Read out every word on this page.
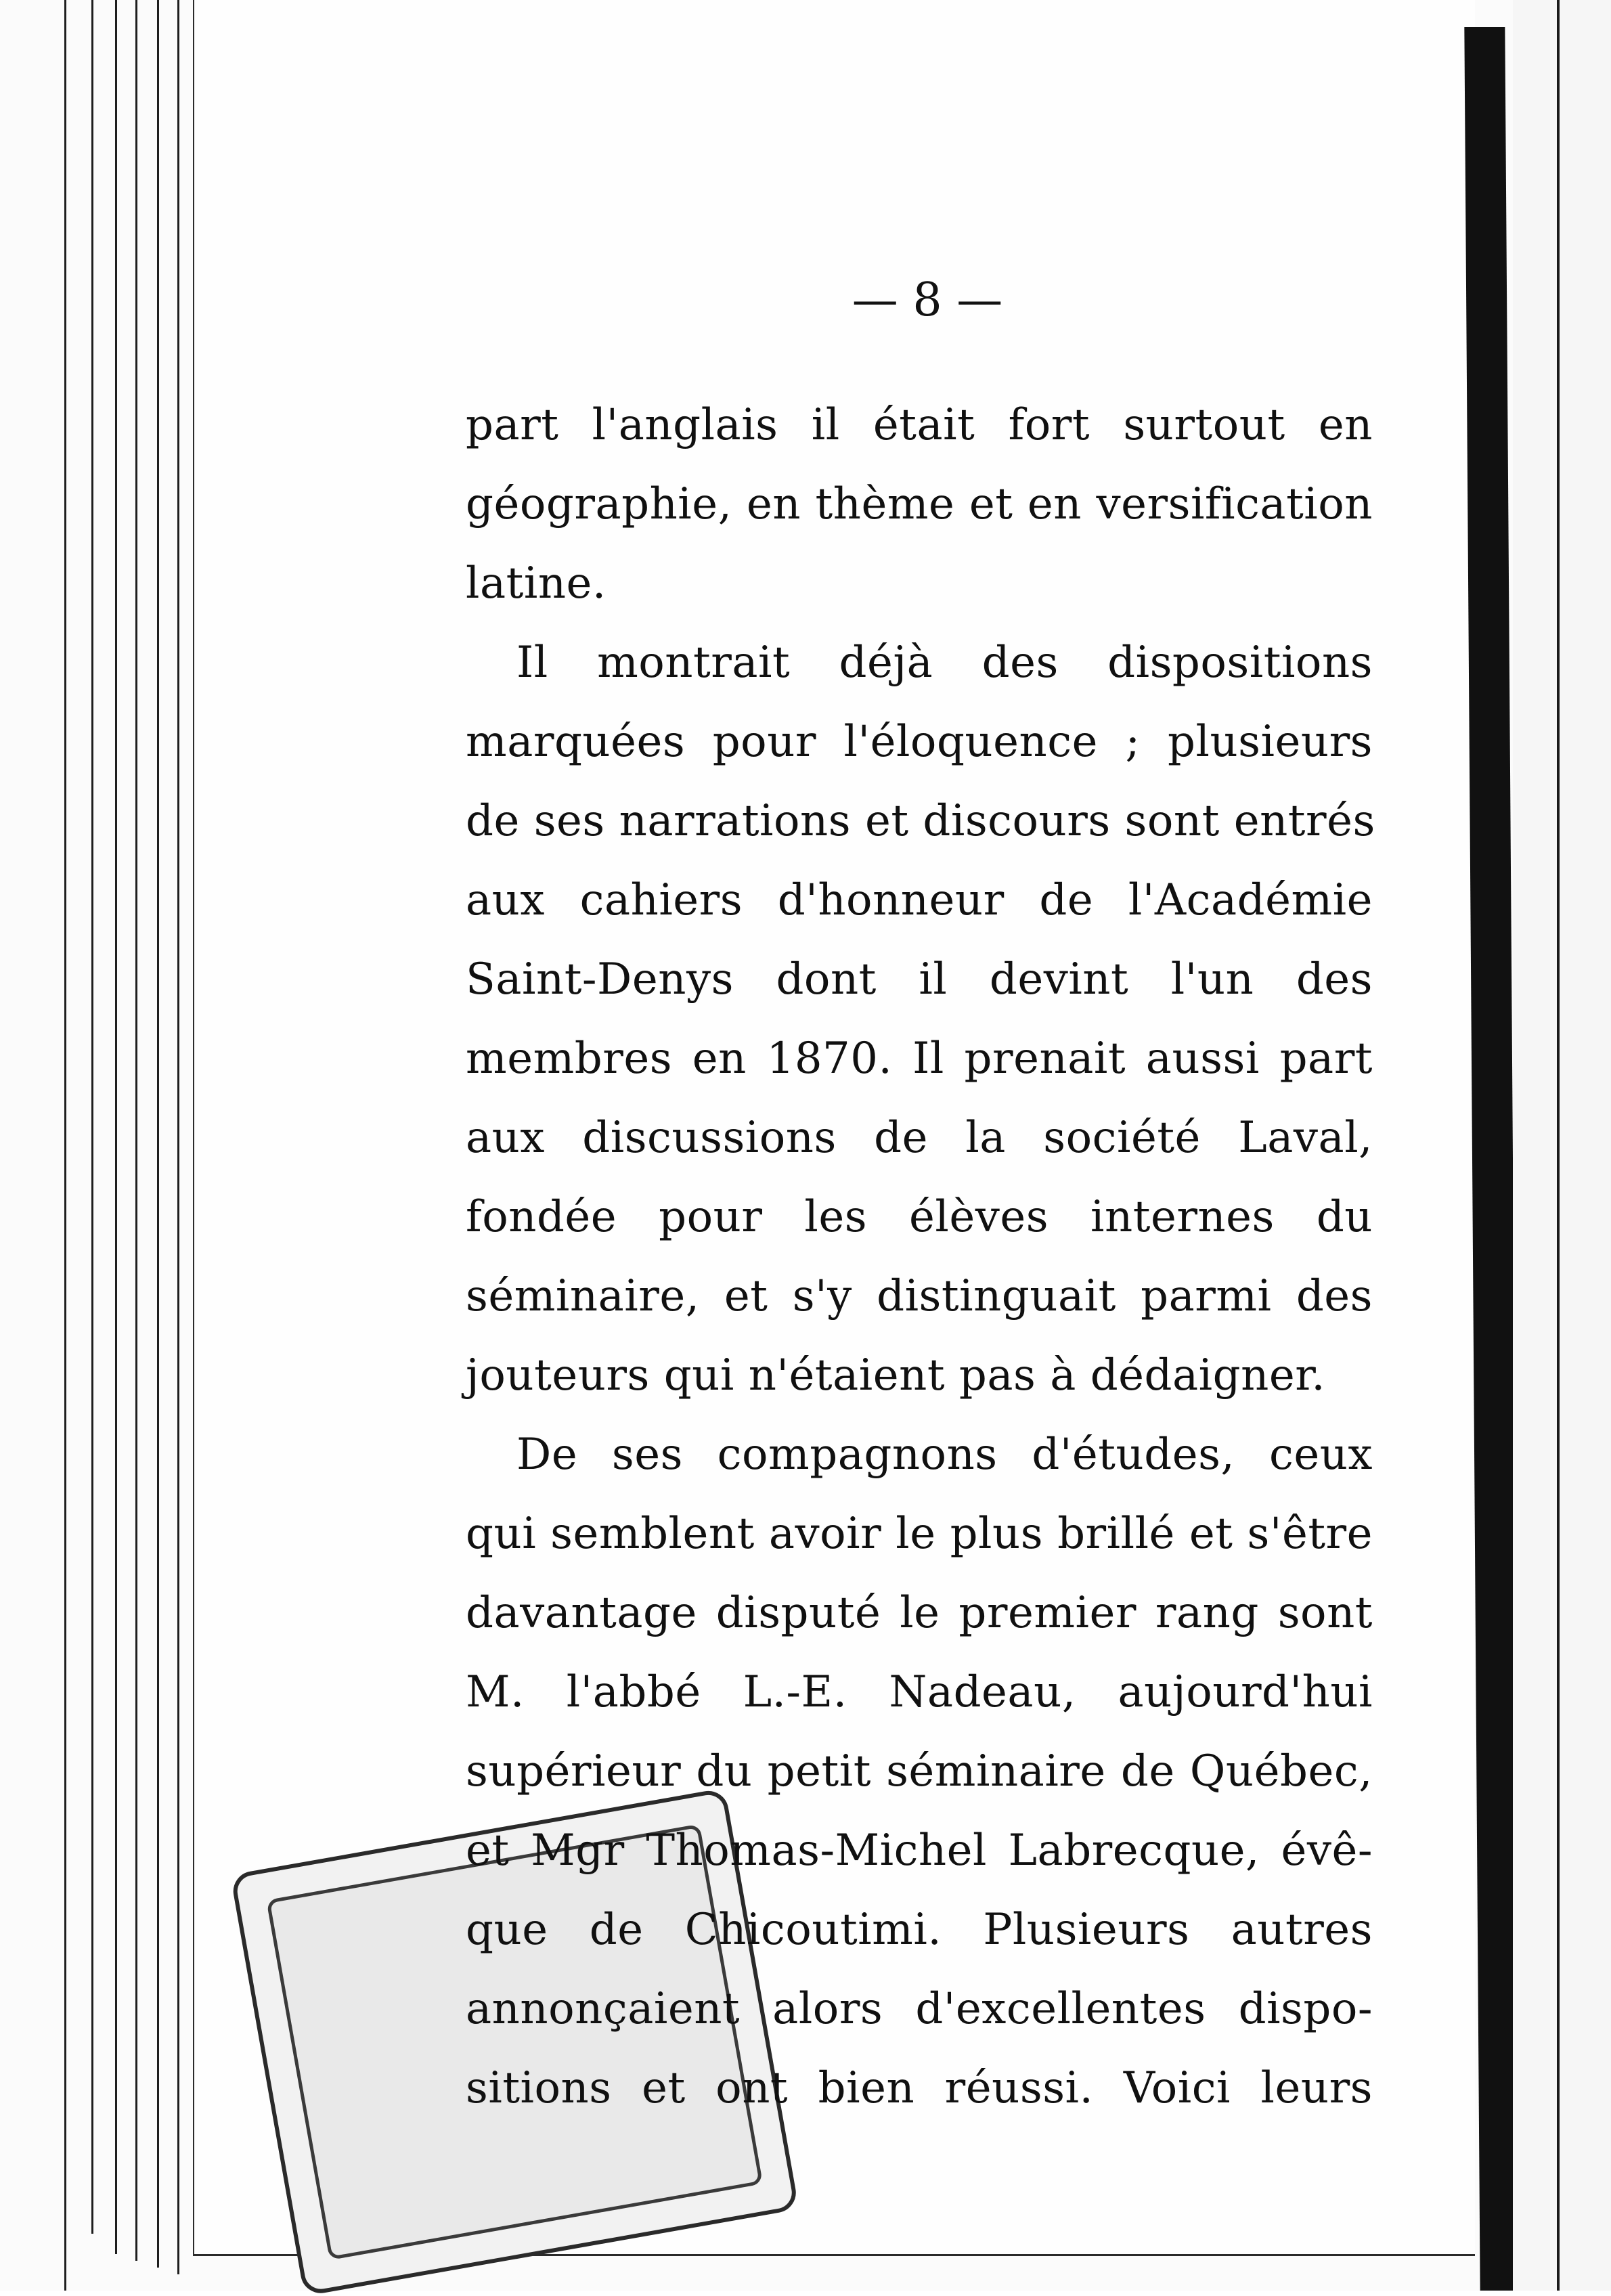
— 8 —
part l'anglais il était fort surtout en
géographie, en thème et en versification
latine.
Il montrait déjà des dispositions
marquées pour l'éloquence ; plusieurs
de ses narrations et discours sont entrés
aux cahiers d'honneur de l'Académie
Saint-Denys dont il devint l'un des
membres en 1870. Il prenait aussi part
aux discussions de la société Laval,
fondée pour les élèves internes du
séminaire, et s'y distinguait parmi des
jouteurs qui n'étaient pas à dédaigner.
De ses compagnons d'études, ceux
qui semblent avoir le plus brillé et s'être
davantage disputé le premier rang sont
M. l'abbé L.-E. Nadeau, aujourd'hui
supérieur du petit séminaire de Québec,
et Mgr Thomas-Michel Labrecque, évê-
que de Chicoutimi. Plusieurs autres
annonçaient alors d'excellentes dispo-
sitions et ont bien réussi. Voici leurs
